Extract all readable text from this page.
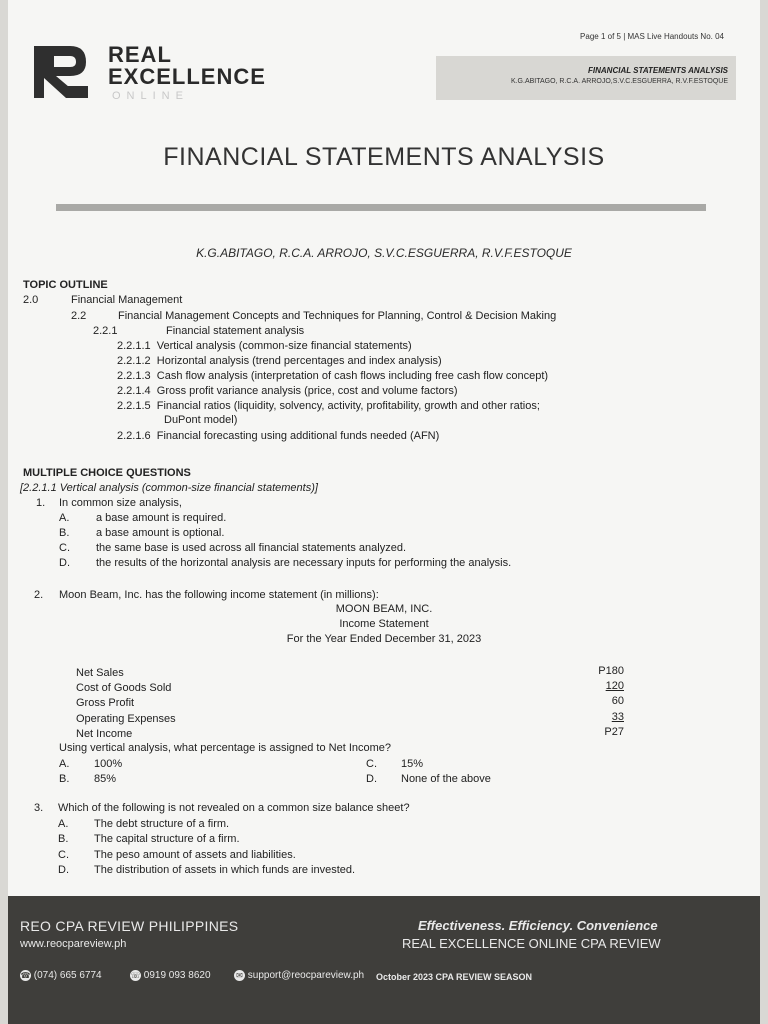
Page 1 of 5 | MAS Live Handouts No. 04
FINANCIAL STATEMENTS ANALYSIS
K.G.ABITAGO, R.C.A. ARROJO,S.V.C.ESGUERRA, R.V.F.ESTOQUE
REAL
EXCELLENCE
ONLINE
FINANCIAL STATEMENTS ANALYSIS
K.G.ABITAGO, R.C.A. ARROJO, S.V.C.ESGUERRA, R.V.F.ESTOQUE
TOPIC OUTLINE
2.0	Financial Management
2.2	Financial Management Concepts and Techniques for Planning, Control & Decision Making
2.2.1	Financial statement analysis
2.2.1.1 Vertical analysis (common-size financial statements)
2.2.1.2 Horizontal analysis (trend percentages and index analysis)
2.2.1.3 Cash flow analysis (interpretation of cash flows including free cash flow concept)
2.2.1.4 Gross profit variance analysis (price, cost and volume factors)
2.2.1.5 Financial ratios (liquidity, solvency, activity, profitability, growth and other ratios;
DuPont model)
2.2.1.6 Financial forecasting using additional funds needed (AFN)
MULTIPLE CHOICE QUESTIONS
[2.2.1.1 Vertical analysis (common-size financial statements)]
1. In common size analysis,
A. a base amount is required.
B. a base amount is optional.
C. the same base is used across all financial statements analyzed.
D. the results of the horizontal analysis are necessary inputs for performing the analysis.
2. Moon Beam, Inc. has the following income statement (in millions):
MOON BEAM, INC.
Income Statement
For the Year Ended December 31, 2023
Net Sales	P180
Cost of Goods Sold	120
Gross Profit	60
Operating Expenses	33
Net Income	P27
Using vertical analysis, what percentage is assigned to Net Income?
A. 100%
B. 85%
C. 15%
D. None of the above
3. Which of the following is not revealed on a common size balance sheet?
A. The debt structure of a firm.
B. The capital structure of a firm.
C. The peso amount of assets and liabilities.
D. The distribution of assets in which funds are invested.
REO CPA REVIEW PHILIPPINES
www.reocpareview.ph
Effectiveness. Efficiency. Convenience
REAL EXCELLENCE ONLINE CPA REVIEW
☎ (074) 665 6774	☏ 0919 093 8620	✉ support@reocpareview.ph October 2023 CPA REVIEW SEASON
